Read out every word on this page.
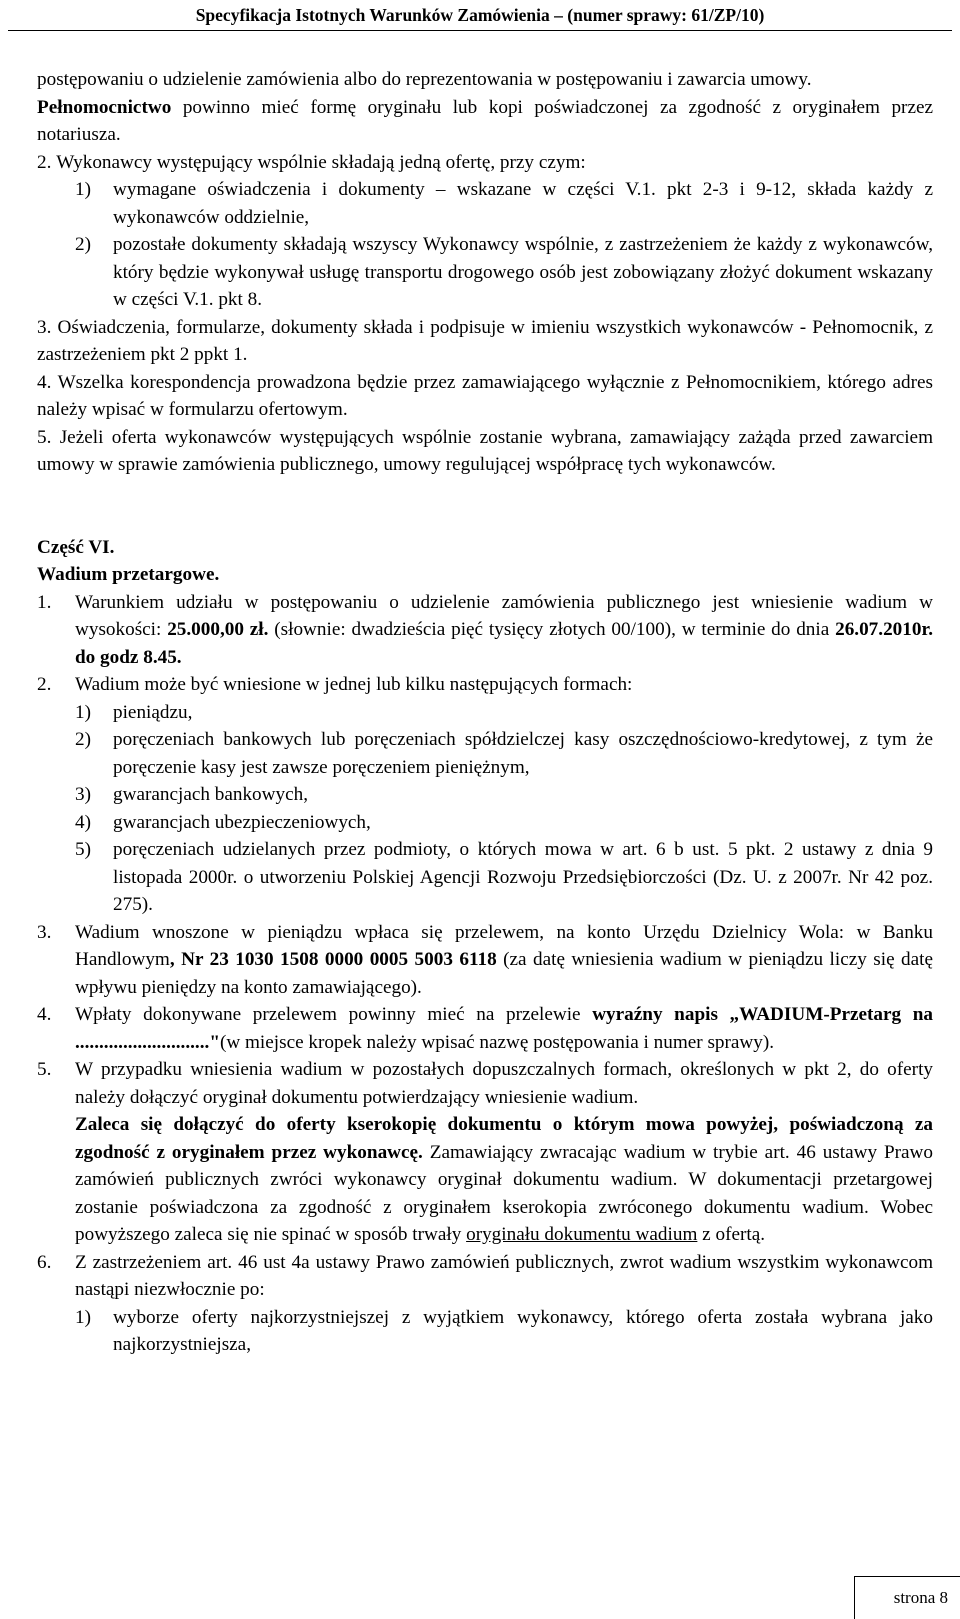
Specyfikacja Istotnych Warunków Zamówienia – (numer sprawy: 61/ZP/10)

postępowaniu o udzielenie zamówienia albo do reprezentowania w postępowaniu i zawarcia umowy.

Pełnomocnictwo powinno mieć formę oryginału lub kopi poświadczonej za zgodność z oryginałem przez notariusza.

2.
Wykonawcy występujący wspólnie składają jedną ofertę, przy czym:
1)	wymagane oświadczenia i dokumenty – wskazane w części V.1. pkt 2-3 i 9-12, składa każdy z wykonawców oddzielnie,
2)	pozostałe dokumenty składają wszyscy Wykonawcy wspólnie, z zastrzeżeniem że każdy z wykonawców, który będzie wykonywał usługę transportu drogowego osób jest zobowiązany złożyć dokument wskazany w części V.1. pkt 8.

3. Oświadczenia, formularze, dokumenty składa i podpisuje w imieniu wszystkich wykonawców - Pełnomocnik, z zastrzeżeniem pkt 2 ppkt 1.

4. Wszelka korespondencja prowadzona będzie przez zamawiającego wyłącznie z Pełnomocnikiem, którego adres należy wpisać w formularzu ofertowym.

5. Jeżeli oferta wykonawców występujących wspólnie zostanie wybrana, zamawiający zażąda przed zawarciem umowy w sprawie zamówienia publicznego, umowy regulującej współpracę tych wykonawców.

Część VI.
Wadium przetargowe.
1.	Warunkiem udziału w postępowaniu o udzielenie zamówienia publicznego jest wniesienie wadium w wysokości: 25.000,00 zł. (słownie: dwadzieścia pięć tysięcy złotych 00/100), w terminie do dnia 26.07.2010r. do godz 8.45.
2.	Wadium może być wniesione w jednej lub kilku następujących formach:
1)	pieniądzu,
2)	poręczeniach bankowych lub poręczeniach spółdzielczej kasy oszczędnościowo-kredytowej, z tym że poręczenie kasy jest zawsze poręczeniem pieniężnym,
3)	gwarancjach bankowych,
4)	gwarancjach ubezpieczeniowych,
5)	poręczeniach udzielanych przez podmioty, o których mowa w art. 6 b ust. 5 pkt. 2 ustawy z dnia 9 listopada 2000r. o utworzeniu Polskiej Agencji Rozwoju Przedsiębiorczości (Dz. U. z 2007r. Nr 42 poz. 275).
3.	Wadium wnoszone w pieniądzu wpłaca się przelewem, na konto Urzędu Dzielnicy Wola: w Banku Handlowym, Nr 23 1030 1508 0000 0005 5003 6118 (za datę wniesienia wadium w pieniądzu liczy się datę wpływu pieniędzy na konto zamawiającego).
4.	Wpłaty dokonywane przelewem powinny mieć na przelewie wyraźny napis „WADIUM-Przetarg na ............................"(w miejsce kropek należy wpisać nazwę postępowania i numer sprawy).
5.	W przypadku wniesienia wadium w pozostałych dopuszczalnych formach, określonych w pkt 2, do oferty należy dołączyć oryginał dokumentu potwierdzający wniesienie wadium.
Zaleca się dołączyć do oferty kserokopię dokumentu o którym mowa powyżej, poświadczoną za zgodność z oryginałem przez wykonawcę. Zamawiający zwracając wadium w trybie art. 46 ustawy Prawo zamówień publicznych zwróci wykonawcy oryginał dokumentu wadium. W dokumentacji przetargowej zostanie poświadczona za zgodność z oryginałem kserokopia zwróconego dokumentu wadium. Wobec powyższego zaleca się nie spinać w sposób trwały oryginału dokumentu wadium z ofertą.
6.	Z zastrzeżeniem art. 46 ust 4a ustawy Prawo zamówień publicznych, zwrot wadium wszystkim wykonawcom nastąpi niezwłocznie po:
1)	wyborze oferty najkorzystniejszej z wyjątkiem wykonawcy, którego oferta została wybrana jako najkorzystniejsza,
strona 8
